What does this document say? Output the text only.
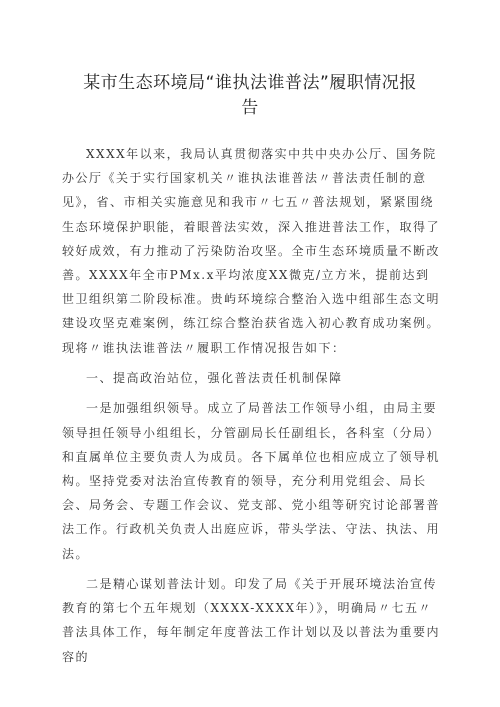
某市生态环境局“谁执法谁普法”履职情况报
告

XXXX年以来，我局认真贯彻落实中共中央办公厅、国务院办公厅《关于实行国家机关〃谁执法谁普法〃普法责任制的意见》，省、市相关实施意见和我市〃七五〃普法规划，紧紧围绕生态环境保护职能，着眼普法实效，深入推进普法工作，取得了较好成效，有力推动了污染防治攻坚。全市生态环境质量不断改善。XXXX年全市PMx.x平均浓度XX微克/立方米，提前达到世卫组织第二阶段标准。贵屿环境综合整治入选中组部生态文明建设攻坚克难案例，练江综合整治获省选入初心教育成功案例。现将〃谁执法谁普法〃履职工作情况报告如下：

一、提高政治站位，强化普法责任机制保障

一是加强组织领导。成立了局普法工作领导小组，由局主要领导担任领导小组组长，分管副局长任副组长，各科室（分局）和直属单位主要负责人为成员。各下属单位也相应成立了领导机构。坚持党委对法治宣传教育的领导，充分利用党组会、局长会、局务会、专题工作会议、党支部、党小组等研究讨论部署普法工作。行政机关负责人出庭应诉，带头学法、守法、执法、用法。

二是精心谋划普法计划。印发了局《关于开展环境法治宣传教育的第七个五年规划（XXXX-XXXX年）》，明确局〃七五〃普法具体工作，每年制定年度普法工作计划以及以普法为重要内容的
